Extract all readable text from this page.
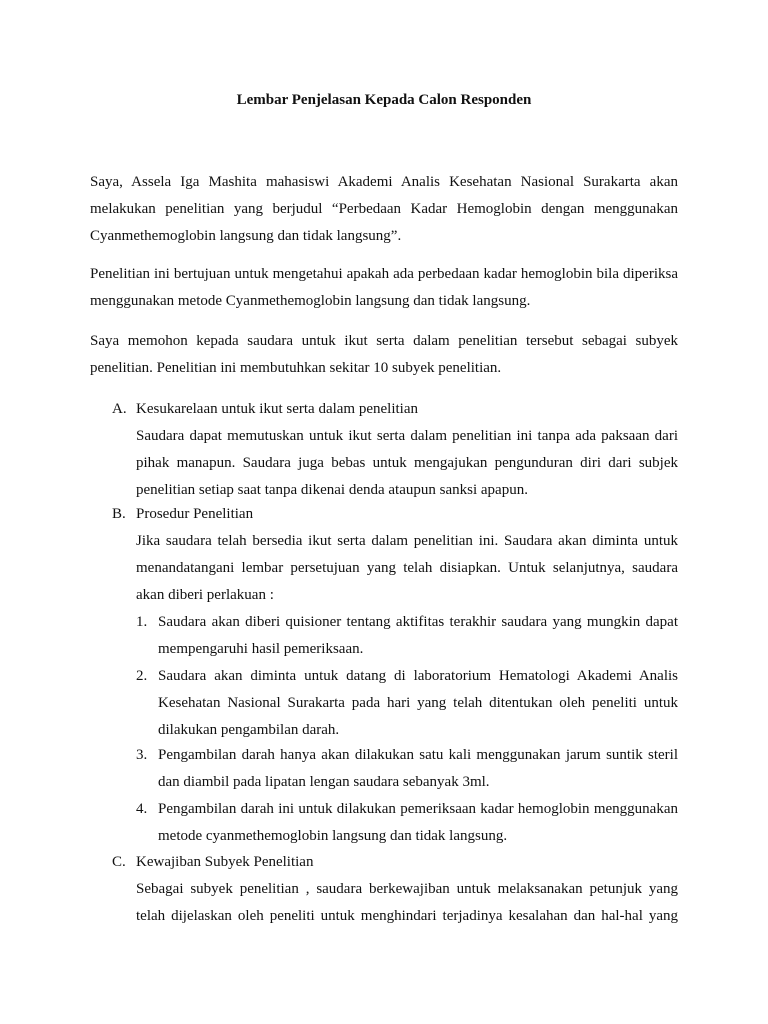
Lembar Penjelasan Kepada Calon Responden

Saya, Assela Iga Mashita mahasiswi Akademi Analis Kesehatan Nasional Surakarta akan melakukan penelitian yang berjudul “Perbedaan Kadar Hemoglobin dengan menggunakan Cyanmethemoglobin langsung dan tidak langsung”.

Penelitian ini bertujuan untuk mengetahui apakah ada perbedaan kadar hemoglobin bila diperiksa menggunakan metode Cyanmethemoglobin langsung dan tidak langsung.

Saya memohon kepada saudara untuk ikut serta dalam penelitian tersebut sebagai subyek penelitian. Penelitian ini membutuhkan sekitar 10 subyek penelitian.

A. Kesukarelaan untuk ikut serta dalam penelitian

Saudara dapat memutuskan untuk ikut serta dalam penelitian ini tanpa ada paksaan dari pihak manapun. Saudara juga bebas untuk mengajukan pengunduran diri dari subjek penelitian setiap saat tanpa dikenai denda ataupun sanksi apapun.

B. Prosedur Penelitian

Jika saudara telah bersedia ikut serta dalam penelitian ini. Saudara akan diminta untuk menandatangani lembar persetujuan yang telah disiapkan. Untuk selanjutnya, saudara akan diberi perlakuan :

1. Saudara akan diberi quisioner tentang aktifitas terakhir saudara yang mungkin dapat mempengaruhi hasil pemeriksaan.
2. Saudara akan diminta untuk datang di laboratorium Hematologi Akademi Analis Kesehatan Nasional Surakarta pada hari yang telah ditentukan oleh peneliti untuk dilakukan pengambilan darah.
3. Pengambilan darah hanya akan dilakukan satu kali menggunakan jarum suntik steril dan diambil pada lipatan lengan saudara sebanyak 3ml.
4. Pengambilan darah ini untuk dilakukan pemeriksaan kadar hemoglobin menggunakan metode cyanmethemoglobin langsung dan tidak langsung.
C. Kewajiban Subyek Penelitian

Sebagai subyek penelitian , saudara berkewajiban untuk melaksanakan petunjuk yang telah dijelaskan oleh peneliti untuk menghindari terjadinya kesalahan dan hal-hal yang
